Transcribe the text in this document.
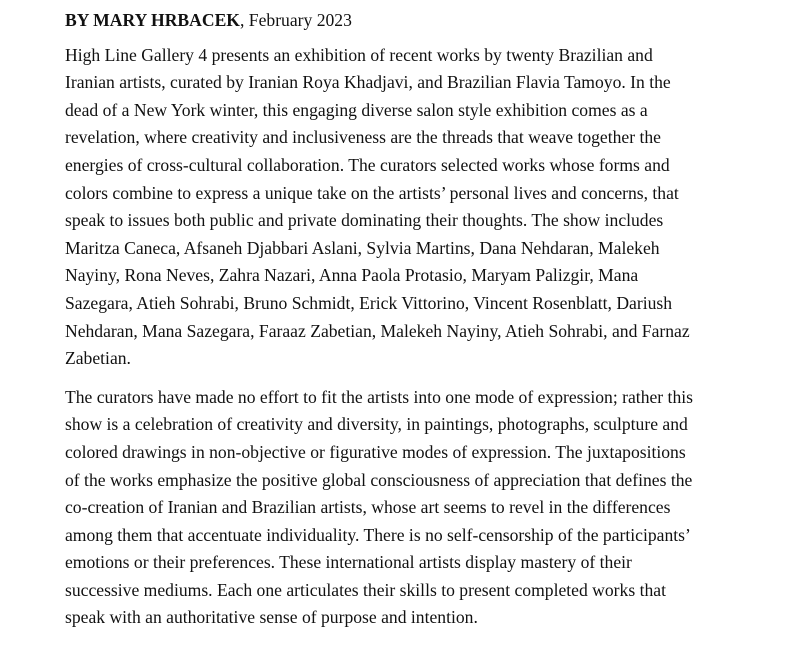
BY MARY HRBACEK, February 2023

High Line Gallery 4 presents an exhibition of recent works by twenty Brazilian and
Iranian artists, curated by Iranian Roya Khadjavi, and Brazilian Flavia Tamoyo. In the
dead of a New York winter, this engaging diverse salon style exhibition comes as a
revelation, where creativity and inclusiveness are the threads that weave together the
energies of cross-cultural collaboration. The curators selected works whose forms and
colors combine to express a unique take on the artists’ personal lives and concerns, that
speak to issues both public and private dominating their thoughts. The show includes
Maritza Caneca, Afsaneh Djabbari Aslani, Sylvia Martins, Dana Nehdaran, Malekeh
Nayiny, Rona Neves, Zahra Nazari, Anna Paola Protasio, Maryam Palizgir, Mana
Sazegara, Atieh Sohrabi, Bruno Schmidt, Erick Vittorino, Vincent Rosenblatt, Dariush
Nehdaran, Mana Sazegara, Faraaz Zabetian, Malekeh Nayiny, Atieh Sohrabi, and Farnaz
Zabetian.

The curators have made no effort to fit the artists into one mode of expression; rather this
show is a celebration of creativity and diversity, in paintings, photographs, sculpture and
colored drawings in non-objective or figurative modes of expression. The juxtapositions
of the works emphasize the positive global consciousness of appreciation that defines the
co-creation of Iranian and Brazilian artists, whose art seems to revel in the differences
among them that accentuate individuality. There is no self-censorship of the participants’
emotions or their preferences. These international artists display mastery of their
successive mediums. Each one articulates their skills to present completed works that
speak with an authoritative sense of purpose and intention.
